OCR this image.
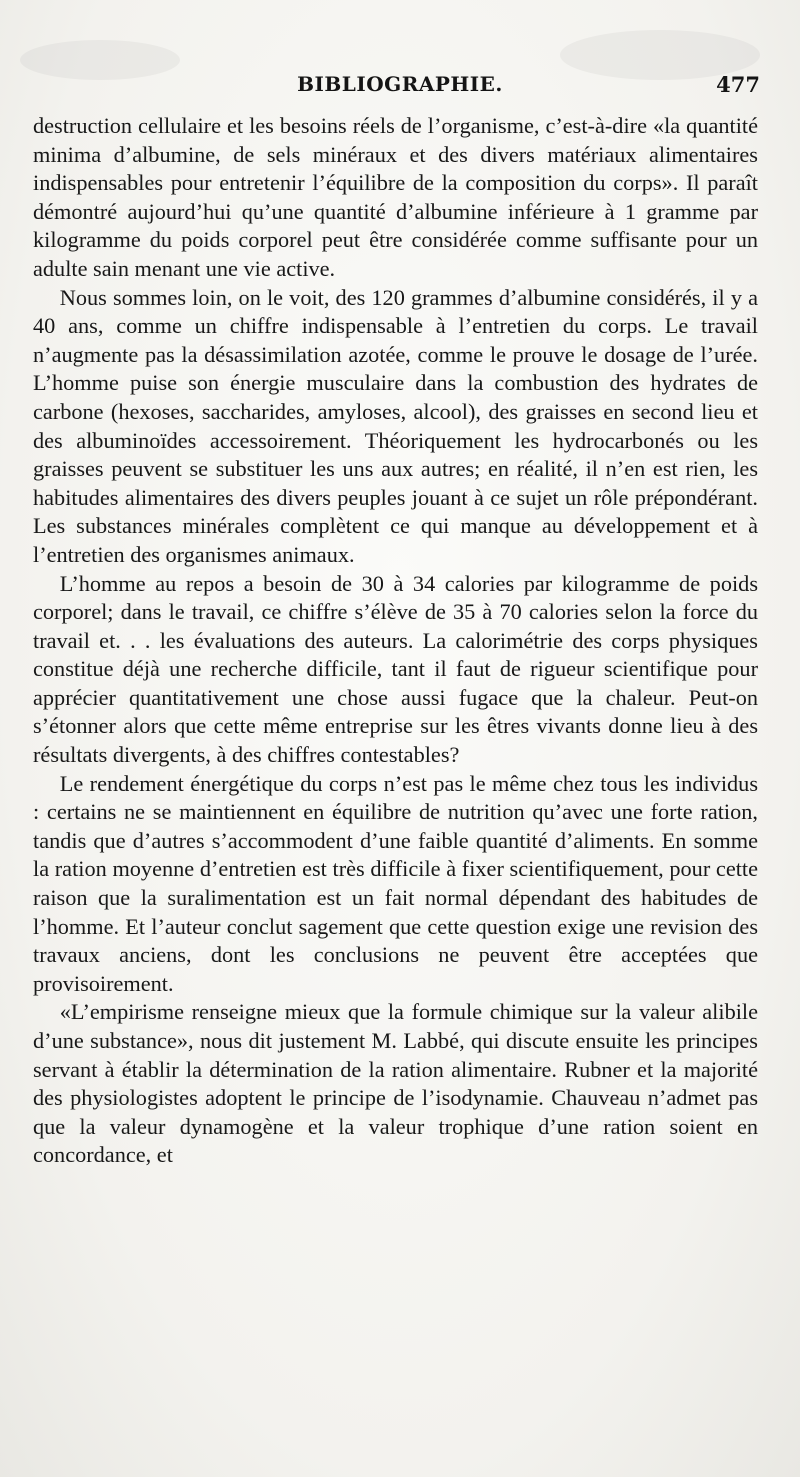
BIBLIOGRAPHIE.	477

destruction cellulaire et les besoins réels de l’organisme, c’est-à-dire «la quantité minima d’albumine, de sels minéraux et des divers matériaux alimentaires indispensables pour entretenir l’équilibre de la composition du corps». Il paraît démontré aujourd’hui qu’une quantité d’albumine inférieure à 1 gramme par kilogramme du poids corporel peut être considérée comme suffisante pour un adulte sain menant une vie active.

Nous sommes loin, on le voit, des 120 grammes d’albumine considérés, il y a 40 ans, comme un chiffre indispensable à l’entretien du corps. Le travail n’augmente pas la désassimilation azotée, comme le prouve le dosage de l’urée. L’homme puise son énergie musculaire dans la combustion des hydrates de carbone (hexoses, saccharides, amyloses, alcool), des graisses en second lieu et des albuminoïdes accessoirement. Théoriquement les hydrocarbonés ou les graisses peuvent se substituer les uns aux autres; en réalité, il n’en est rien, les habitudes alimentaires des divers peuples jouant à ce sujet un rôle prépondérant. Les substances minérales complètent ce qui manque au développement et à l’entretien des organismes animaux.

L’homme au repos a besoin de 30 à 34 calories par kilogramme de poids corporel; dans le travail, ce chiffre s’élève de 35 à 70 calories selon la force du travail et. . . les évaluations des auteurs. La calorimétrie des corps physiques constitue déjà une recherche difficile, tant il faut de rigueur scientifique pour apprécier quantitativement une chose aussi fugace que la chaleur. Peut-on s’étonner alors que cette même entreprise sur les êtres vivants donne lieu à des résultats divergents, à des chiffres contestables?

Le rendement énergétique du corps n’est pas le même chez tous les individus : certains ne se maintiennent en équilibre de nutrition qu’avec une forte ration, tandis que d’autres s’accommodent d’une faible quantité d’aliments. En somme la ration moyenne d’entretien est très difficile à fixer scientifiquement, pour cette raison que la suralimentation est un fait normal dépendant des habitudes de l’homme. Et l’auteur conclut sagement que cette question exige une revision des travaux anciens, dont les conclusions ne peuvent être acceptées que provisoirement.

«L’empirisme renseigne mieux que la formule chimique sur la valeur alibile d’une substance», nous dit justement M. Labbé, qui discute ensuite les principes servant à établir la détermination de la ration alimentaire. Rubner et la majorité des physiologistes adoptent le principe de l’isodynamie. Chauveau n’admet pas que la valeur dynamogène et la valeur trophique d’une ration soient en concordance, et
